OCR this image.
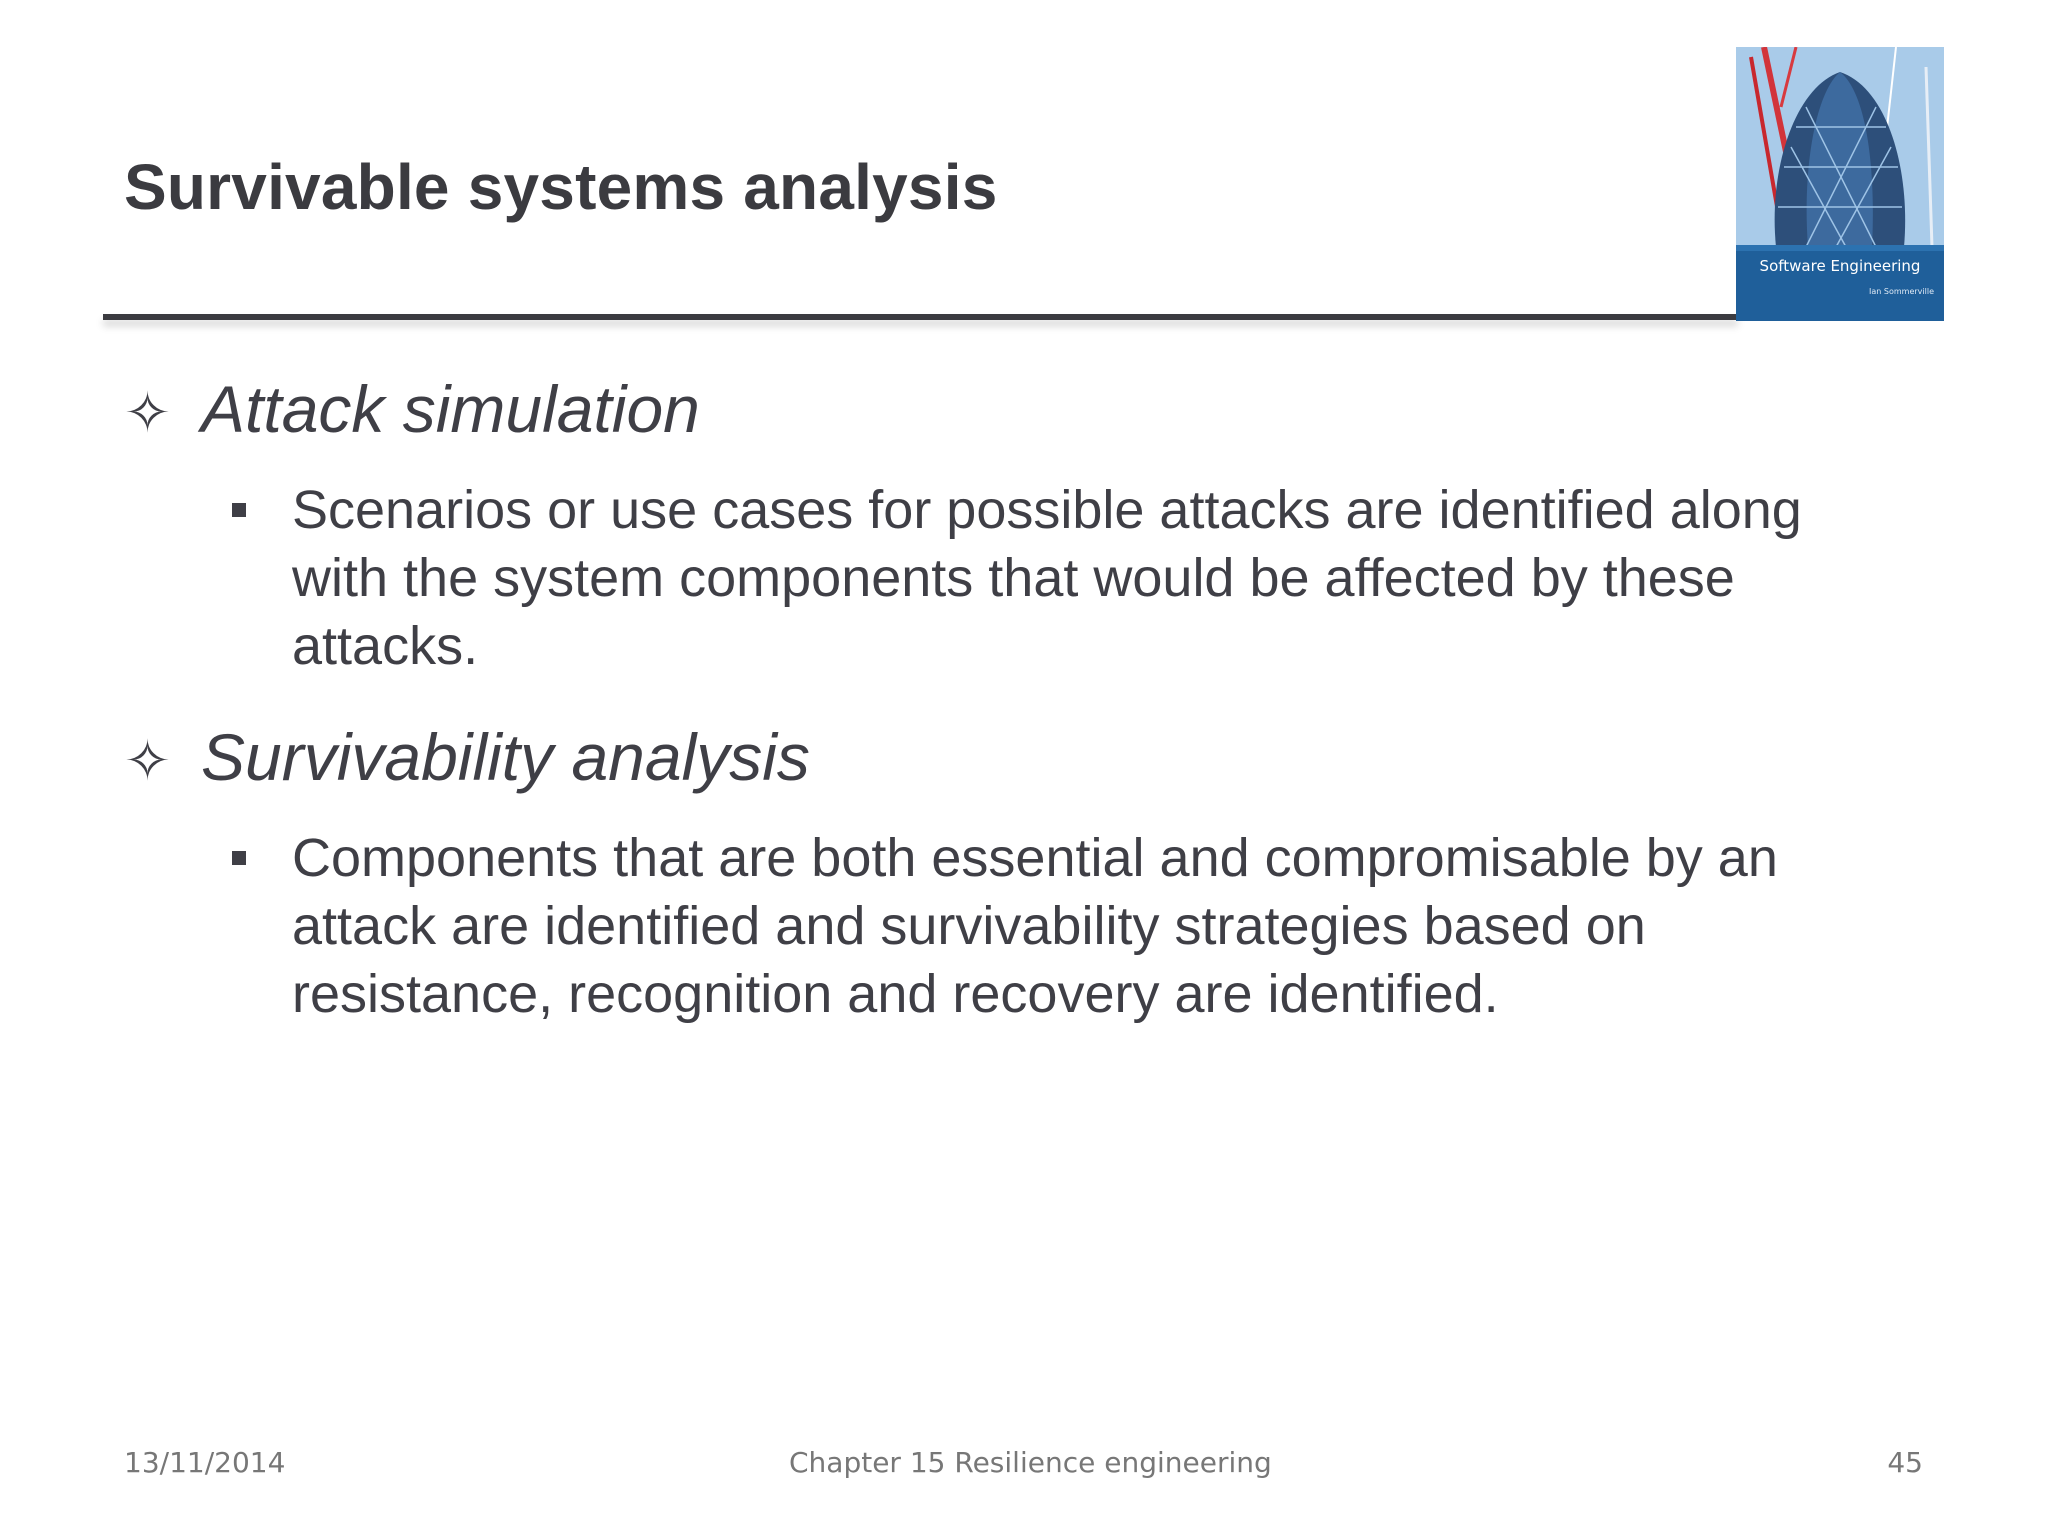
Survivable systems analysis
Software Engineering
Ian Sommerville
✧ Attack simulation
Scenarios or use cases for possible attacks are identified along with the system components that would be affected by these attacks.
✧ Survivability analysis
Components that are both essential and compromisable by an attack are identified and survivability strategies based on resistance, recognition and recovery are identified.
13/11/2014	Chapter 15 Resilience engineering	45
